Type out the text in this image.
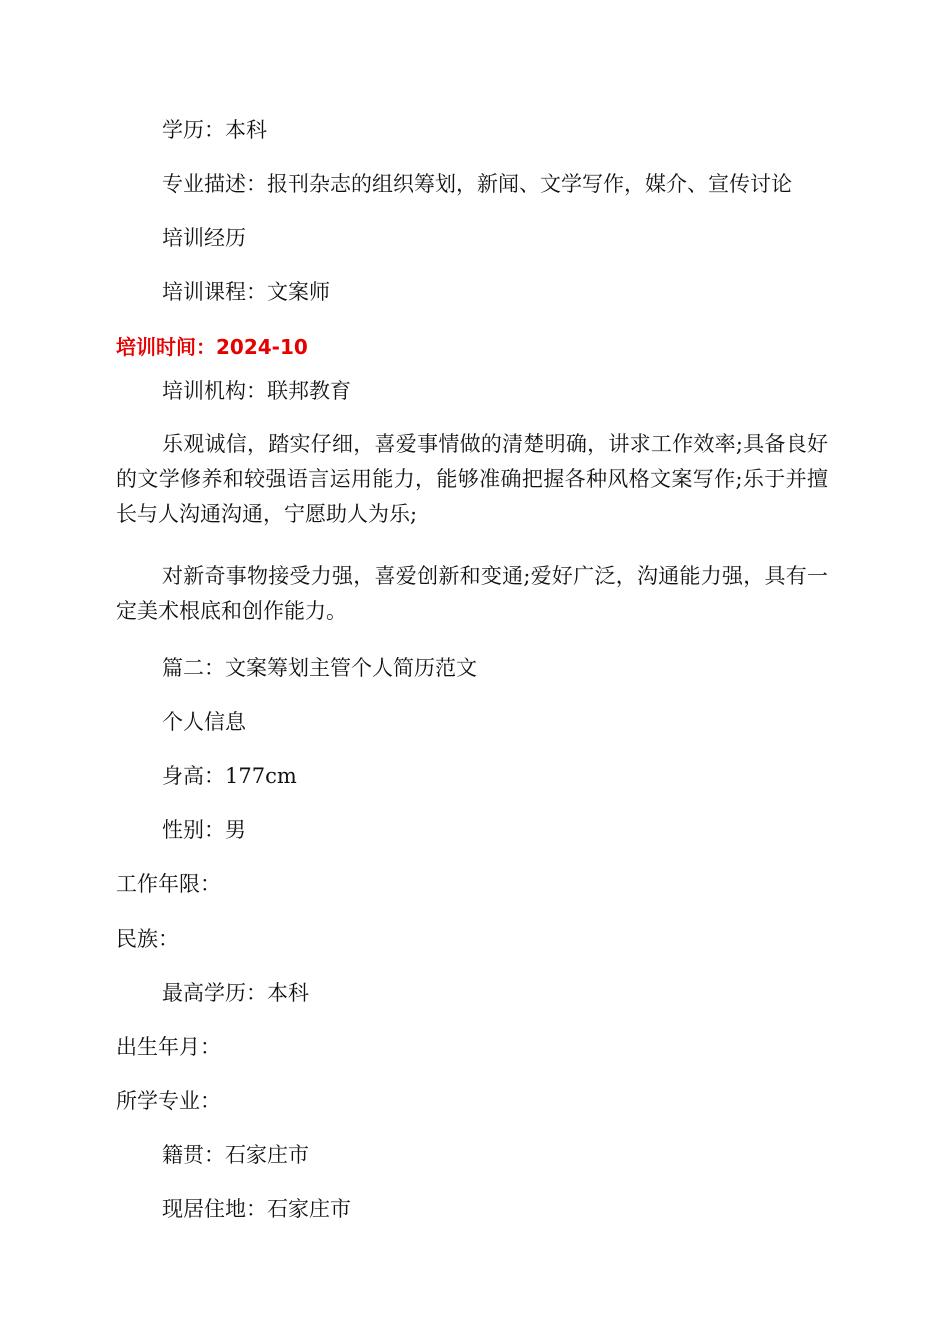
学历：本科
专业描述：报刊杂志的组织筹划，新闻、文学写作，媒介、宣传讨论
培训经历
培训课程：文案师
培训时间：2024-10
培训机构：联邦教育
乐观诚信，踏实仔细，喜爱事情做的清楚明确，讲求工作效率;具备良好的文学修养和较强语言运用能力，能够准确把握各种风格文案写作;乐于并擅长与人沟通沟通，宁愿助人为乐;
对新奇事物接受力强，喜爱创新和变通;爱好广泛，沟通能力强，具有一定美术根底和创作能力。
篇二：文案筹划主管个人简历范文
个人信息
身高：177cm
性别：男
工作年限：
民族：
最高学历：本科
出生年月：
所学专业：
籍贯：石家庄市
现居住地：石家庄市
